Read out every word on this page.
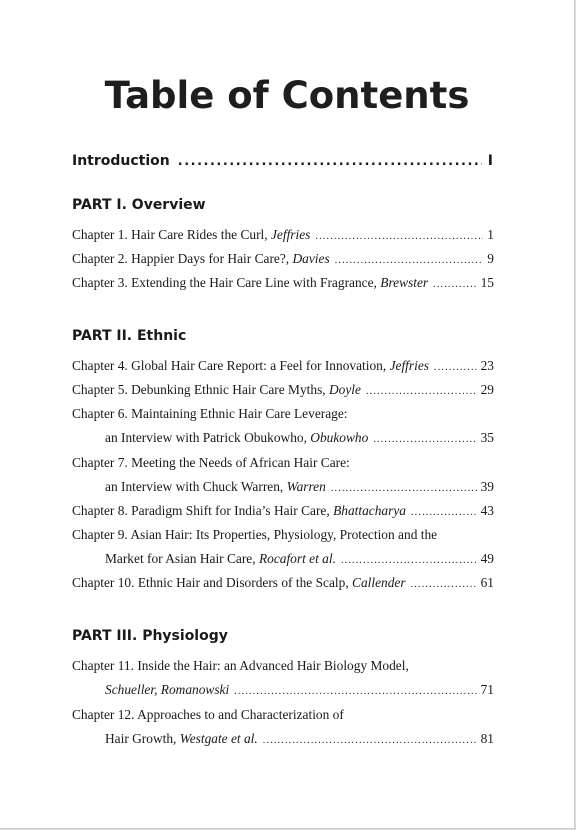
Table of Contents
Introduction .....	I
PART I. Overview
Chapter 1. Hair Care Rides the Curl, Jeffries .....	1
Chapter 2. Happier Days for Hair Care?, Davies .....	9
Chapter 3. Extending the Hair Care Line with Fragrance, Brewster .....	15
PART II. Ethnic
Chapter 4. Global Hair Care Report: a Feel for Innovation, Jeffries .....	23
Chapter 5. Debunking Ethnic Hair Care Myths, Doyle .....	29
Chapter 6. Maintaining Ethnic Hair Care Leverage:
an Interview with Patrick Obukowho, Obukowho .....	35
Chapter 7. Meeting the Needs of African Hair Care:
an Interview with Chuck Warren, Warren .....	39
Chapter 8. Paradigm Shift for India’s Hair Care, Bhattacharya .....	43
Chapter 9. Asian Hair: Its Properties, Physiology, Protection and the
Market for Asian Hair Care, Rocafort et al. .....	49
Chapter 10. Ethnic Hair and Disorders of the Scalp, Callender .....	61
PART III. Physiology
Chapter 11. Inside the Hair: an Advanced Hair Biology Model,
Schueller, Romanowski .....	71
Chapter 12. Approaches to and Characterization of
Hair Growth, Westgate et al. .....	81
